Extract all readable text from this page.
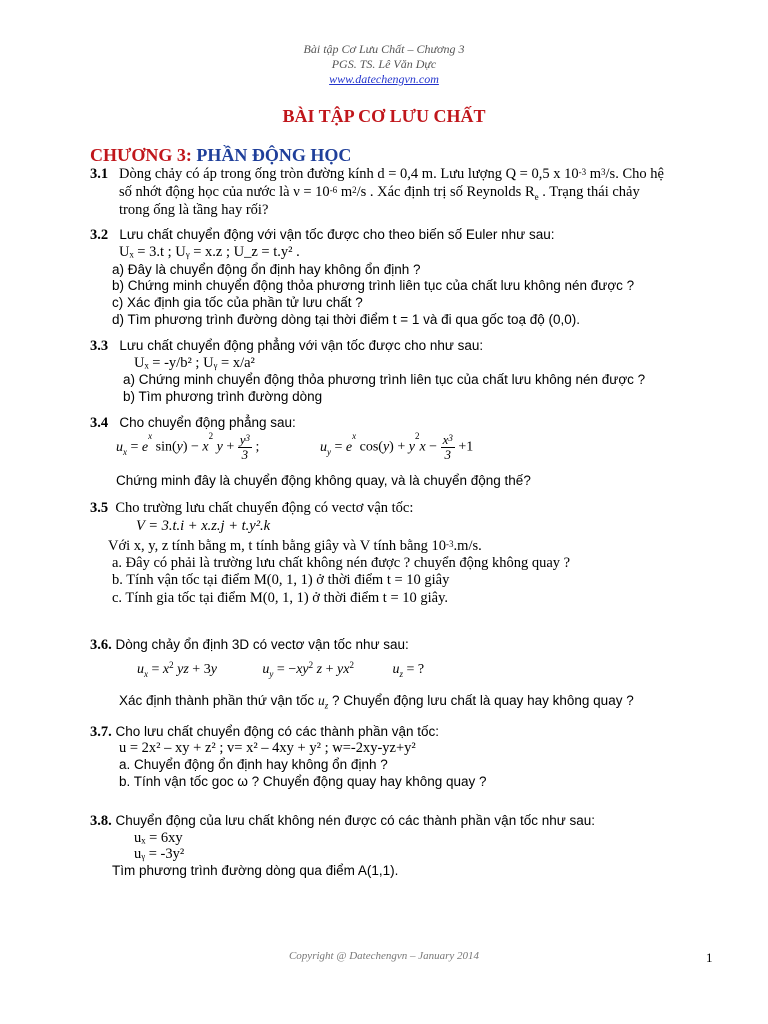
Bài tập Cơ Lưu Chất – Chương 3
PGS. TS. Lê Văn Dực
www.datechengvn.com
BÀI TẬP CƠ LƯU CHẤT
CHƯƠNG 3: PHẦN ĐỘNG HỌC
3.1 Dòng chảy có áp trong ống tròn đường kính d = 0,4 m. Lưu lượng Q = 0,5 x $10^{-3}$ $m^3/s$. Cho hệ
số nhớt động học của nước là $\nu = 10^{-6}$ $m^2/s$ . Xác định trị số Reynolds $R_e$ . Trạng thái chảy
trong ống là tầng hay rối?
3.2 Lưu chất chuyển động với vận tốc được cho theo biến số Euler như sau:
Uₓ = 3.t ; Uᵧ = x.z ; U_z = t.y² .
a) Đây là chuyển động ổn định hay không ổn định ?
b) Chứng minh chuyển động thỏa phương trình liên tục của chất lưu không nén được ?
c) Xác định gia tốc của phần tử lưu chất ?
d) Tìm phương trình đường dòng tại thời điểm t = 1 và đi qua gốc toạ độ (0,0).
3.3 Lưu chất chuyển động phẳng với vận tốc được cho như sau:
Uₓ = -y/b² ; Uᵧ = x/a²
a) Chứng minh chuyển động thỏa phương trình liên tục của chất lưu không nén được ?
b) Tìm phương trình đường dòng
3.4 Cho chuyển động phẳng sau:
$u_x = e^x$ $\sin(y) - x^2$ $y + \frac{y^3}{3}$ ;	$u_y = e^x$ $\cos(y) + y^2x - \frac{x^3}{3} +1$
Chứng minh đây là chuyển động không quay, và là chuyển động thế?
3.5 Cho trường lưu chất chuyển động có vectơ vận tốc:
V = 3.t.i + x.z.j + t.y².k
Với x, y, z tính bằng m, t tính bằng giây và V tính bằng $10^{-3}.m/s$.
a. Đây có phải là trường lưu chất không nén được ? chuyển động không quay ?
b. Tính vận tốc tại điểm M(0, 1, 1) ở thời điểm t = 10 giây
c. Tính gia tốc tại điểm M(0, 1, 1) ở thời điểm t = 10 giây.
3.6. Dòng chảy ổn định 3D có vectơ vận tốc như sau:
$u_x = x^2$ yz + 3y	$u_y = -xy^2$ $z + yx^2$	$u_z$ = ?
Xác định thành phần thứ vận tốc $u_z$ ? Chuyển động lưu chất là quay hay không quay ?
3.7. Cho lưu chất chuyển động có các thành phần vận tốc:
u = 2x² – xy + z² ; v= x² – 4xy + y² ; w=-2xy-yz+y²
a. Chuyển động ổn định hay không ổn định ?
b. Tính vận tốc goc ω ? Chuyển động quay hay không quay ?
3.8. Chuyển động của lưu chất không nén được có các thành phần vận tốc như sau:
uₓ = 6xy
uᵧ = -3y²
Tìm phương trình đường dòng qua điểm A(1,1).
Copyright @ Datechengvn – January 2014	1
